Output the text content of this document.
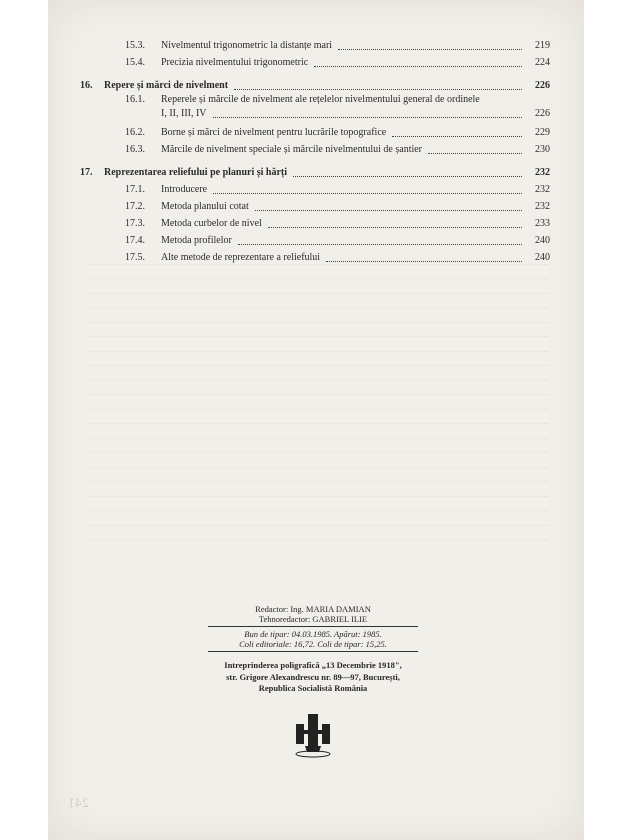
15.3.	Nivelmentul trigonometric la distanțe mari	219
15.4.	Precizia nivelmentului trigonometric	224
16.	Repere și mărci de nivelment	226
16.1.	Reperele și mărcile de nivelment ale rețelelor nivelmentului general de ordinele
I, II, III, IV	226
16.2.	Borne și mărci de nivelment pentru lucrările topografice	229
16.3.	Mărcile de nivelment speciale și mărcile nivelmentului de șantier	230
17.	Reprezentarea reliefului pe planuri și hărți	232
17.1.	Introducere	232
17.2.	Metoda planului cotat	232
17.3.	Metoda curbelor de nivel	233
17.4.	Metoda profilelor	240
17.5.	Alte metode de reprezentare a reliefului	240
Redactor: Ing. MARIA DAMIAN
Tehnoredactor: GABRIEL ILIE
Bun de tipar: 04.03.1985. Apărut: 1985.
Coli editoriale: 16,72. Coli de tipar: 15,25.
Intreprinderea poligrafică „13 Decembrie 1918",
str. Grigore Alexandrescu nr. 89—97, București,
Republica Socialistă România
241
